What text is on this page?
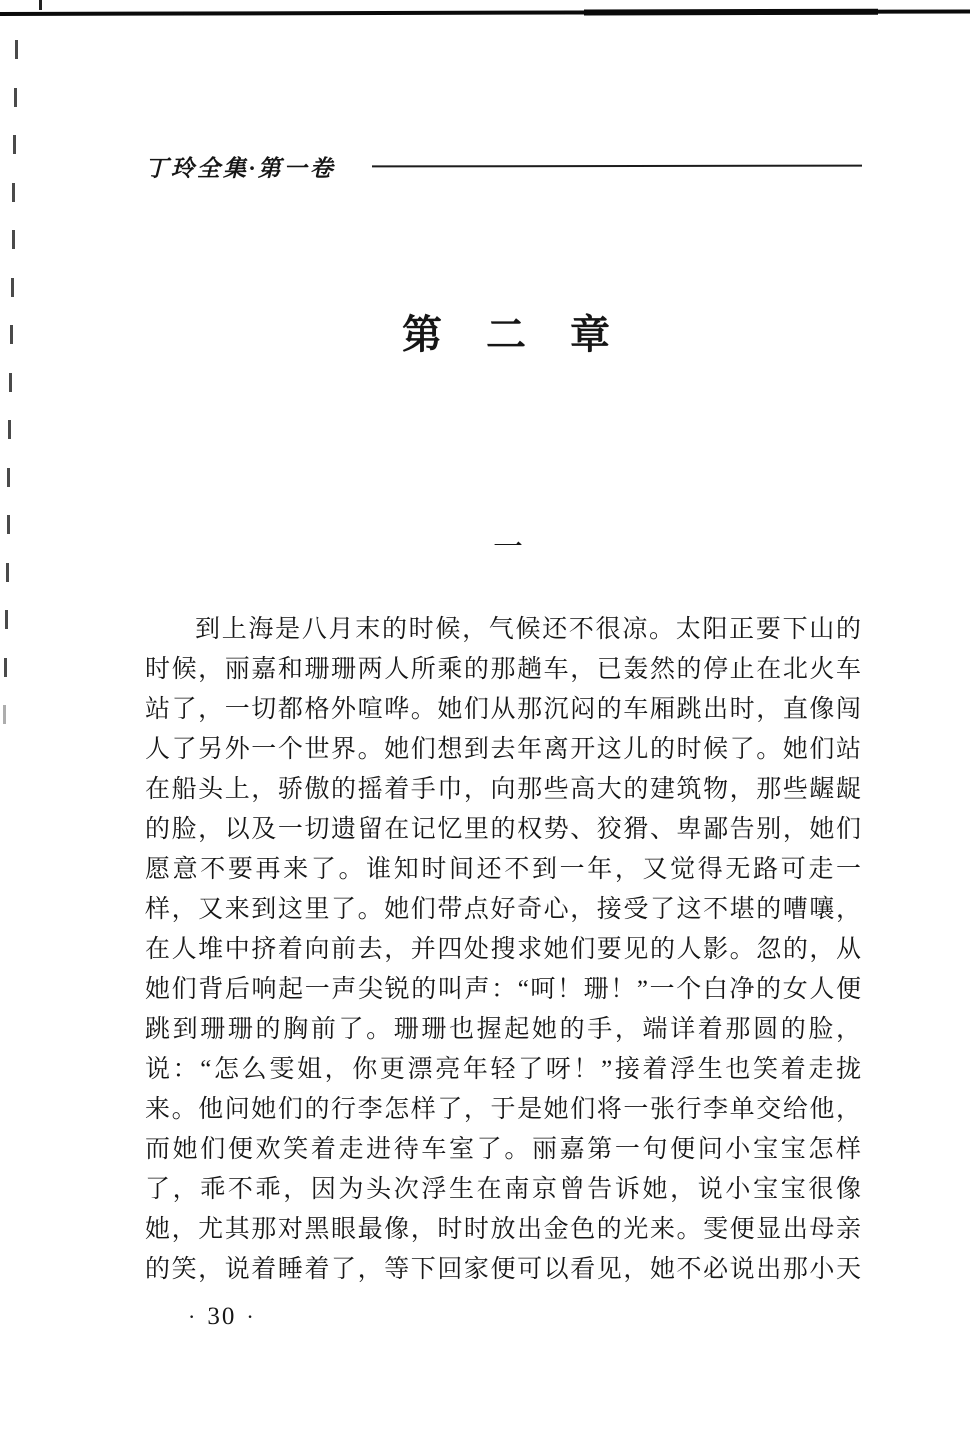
丁玲全集·第一卷
第二章
一
到上海是八月末的时候，气候还不很凉。太阳正要下山的
时候，丽嘉和珊珊两人所乘的那趟车，已轰然的停止在北火车
站了，一切都格外喧哗。她们从那沉闷的车厢跳出时，直像闯
人了另外一个世界。她们想到去年离开这儿的时候了。她们站
在船头上，骄傲的摇着手巾，向那些高大的建筑物，那些龌龊
的脸，以及一切遗留在记忆里的权势、狡猾、卑鄙告别，她们
愿意不要再来了。谁知时间还不到一年，又觉得无路可走一
样，又来到这里了。她们带点好奇心，接受了这不堪的嘈嚷，
在人堆中挤着向前去，并四处搜求她们要见的人影。忽的，从
她们背后响起一声尖锐的叫声：“呵！珊！”一个白净的女人便
跳到珊珊的胸前了。珊珊也握起她的手，端详着那圆的脸，
说：“怎么雯姐，你更漂亮年轻了呀！”接着浮生也笑着走拢
来。他问她们的行李怎样了，于是她们将一张行李单交给他，
而她们便欢笑着走进待车室了。丽嘉第一句便问小宝宝怎样
了，乖不乖，因为头次浮生在南京曾告诉她，说小宝宝很像
她，尤其那对黑眼最像，时时放出金色的光来。雯便显出母亲
的笑，说着睡着了，等下回家便可以看见，她不必说出那小天
· 30 ·
